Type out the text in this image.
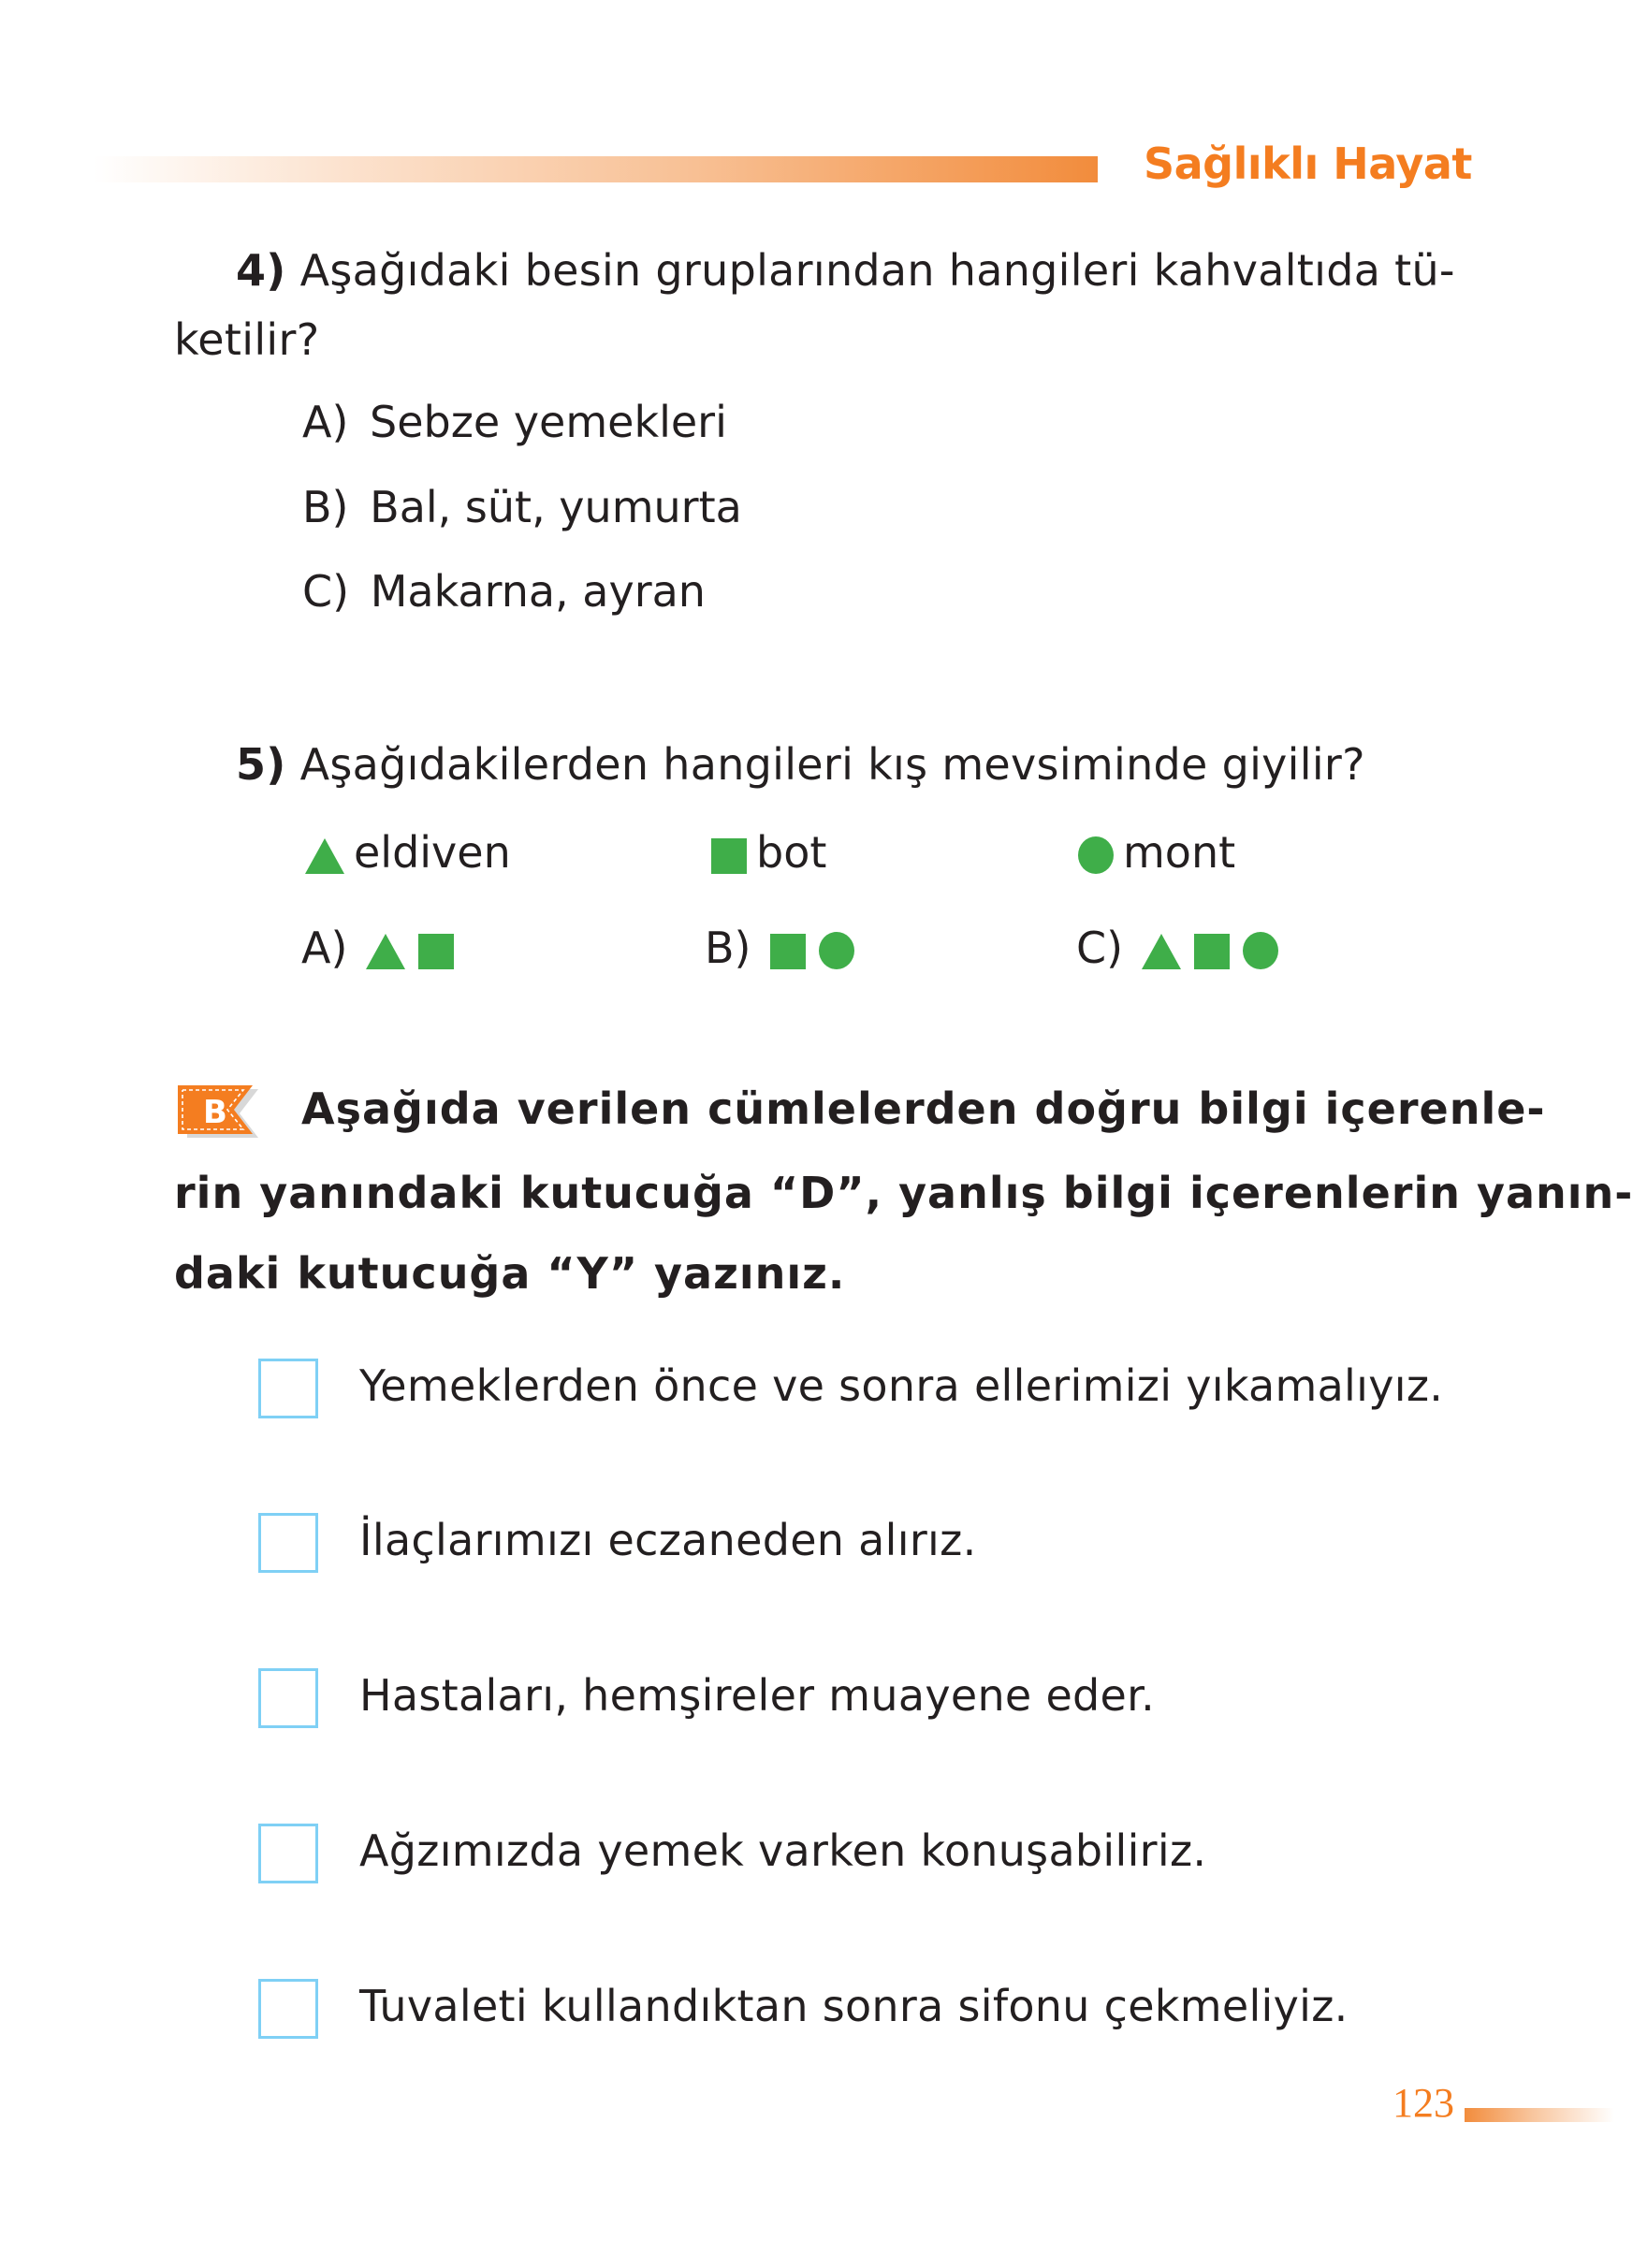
Sağlıklı Hayat
4) Aşağıdaki besin gruplarından hangileri kahvaltıda tü-
ketilir?
A) Sebze yemekleri
B) Bal, süt, yumurta
C) Makarna, ayran
5) Aşağıdakilerden hangileri kış mevsiminde giyilir?
eldiven	bot	mont
A)	B)	C)
B Aşağıda verilen cümlelerden doğru bilgi içerenle-
rin yanındaki kutucuğa “D”, yanlış bilgi içerenlerin yanın-
daki kutucuğa “Y” yazınız.
Yemeklerden önce ve sonra ellerimizi yıkamalıyız.
İlaçlarımızı eczaneden alırız.
Hastaları, hemşireler muayene eder.
Ağzımızda yemek varken konuşabiliriz.
Tuvaleti kullandıktan sonra sifonu çekmeliyiz.
123
